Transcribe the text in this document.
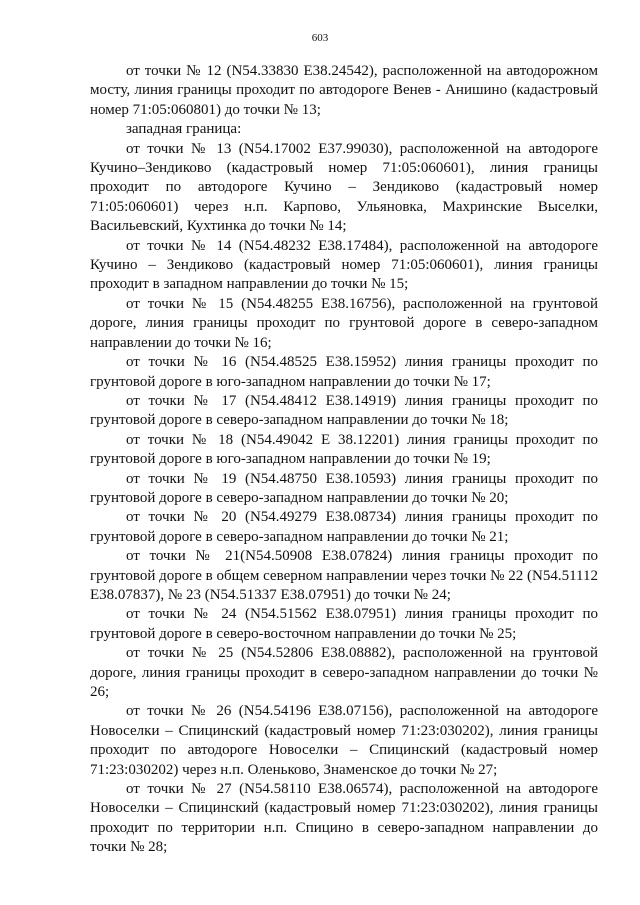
603

от точки № 12 (N54.33830 E38.24542), расположенной на автодорожном мосту, линия границы проходит по автодороге Венев - Анишино (кадастровый номер 71:05:060801) до точки № 13;

западная граница:

от точки № 13 (N54.17002 E37.99030), расположенной на автодороге Кучино–Зендиково (кадастровый номер 71:05:060601), линия границы проходит по автодороге Кучино – Зендиково (кадастровый номер 71:05:060601) через н.п. Карпово, Ульяновка, Махринские Выселки, Васильевский, Кухтинка до точки № 14;

от точки № 14 (N54.48232 E38.17484), расположенной на автодороге Кучино – Зендиково (кадастровый номер 71:05:060601), линия границы проходит в западном направлении до точки № 15;

от точки № 15 (N54.48255 E38.16756), расположенной на грунтовой дороге, линия границы проходит по грунтовой дороге в северо-западном направлении до точки № 16;

от точки № 16 (N54.48525 E38.15952) линия границы проходит по грунтовой дороге в юго-западном направлении до точки № 17;

от точки № 17 (N54.48412 E38.14919) линия границы проходит по грунтовой дороге в северо-западном направлении до точки № 18;

от точки № 18 (N54.49042 E 38.12201) линия границы проходит по грунтовой дороге в юго-западном направлении до точки № 19;

от точки № 19 (N54.48750 E38.10593) линия границы проходит по грунтовой дороге в северо-западном направлении до точки № 20;

от точки № 20 (N54.49279 E38.08734) линия границы проходит по грунтовой дороге в северо-западном направлении до точки № 21;

от точки № 21(N54.50908 E38.07824) линия границы проходит по грунтовой дороге в общем северном направлении через точки № 22 (N54.51112 E38.07837), № 23 (N54.51337 E38.07951) до точки № 24;

от точки № 24 (N54.51562 E38.07951) линия границы проходит по грунтовой дороге в северо-восточном направлении до точки № 25;

от точки № 25 (N54.52806 E38.08882), расположенной на грунтовой дороге, линия границы проходит в северо-западном направлении до точки № 26;

от точки № 26 (N54.54196 E38.07156), расположенной на автодороге Новоселки – Спицинский (кадастровый номер 71:23:030202), линия границы проходит по автодороге Новоселки – Спицинский (кадастровый номер 71:23:030202) через н.п. Оленьково, Знаменское до точки № 27;

от точки № 27 (N54.58110 E38.06574), расположенной на автодороге Новоселки – Спицинский (кадастровый номер 71:23:030202), линия границы проходит по территории н.п. Спицино в северо-западном направлении до точки № 28;
